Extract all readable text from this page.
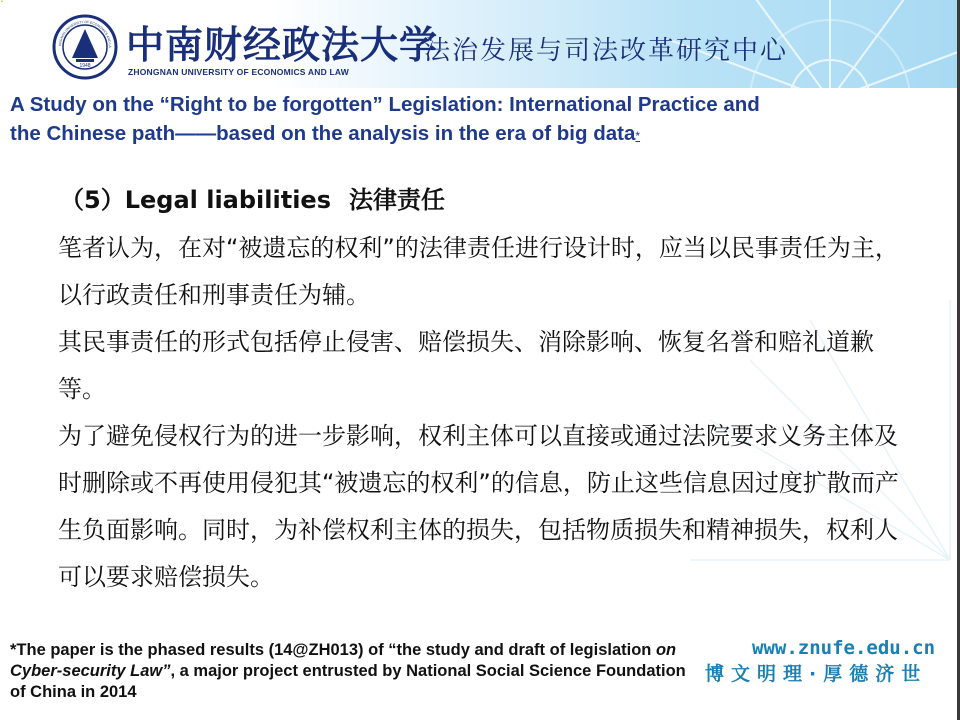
ˇ
1948
ONGNAN UNIVERSITY OF ECONOMICS AND LA 中南财经政法大学
ZHONGNAN UNIVERSITY OF ECONOMICS AND LAW
法治发展与司法改革研究中心
A Study on the “Right to be forgotten” Legislation: International Practice and
the Chinese path——based on the analysis in the era of big data*
（5）Legal liabilities 法律责任

笔者认为，在对“被遗忘的权利”的法律责任进行设计时，应当以民事责任为主，以行政责任和刑事责任为辅。

其民事责任的形式包括停止侵害、赔偿损失、消除影响、恢复名誉和赔礼道歉等。

为了避免侵权行为的进一步影响，权利主体可以直接或通过法院要求义务主体及时删除或不再使用侵犯其“被遗忘的权利”的信息，防止这些信息因过度扩散而产生负面影响。同时，为补偿权利主体的损失，包括物质损失和精神损失，权利人可以要求赔偿损失。

*The paper is the phased results (14@ZH013) of “the study and draft of legislation on Cyber-security Law”, a major project entrusted by National Social Science Foundation of China in 2014
www.znufe.edu.cn
博文明理·厚德济世
